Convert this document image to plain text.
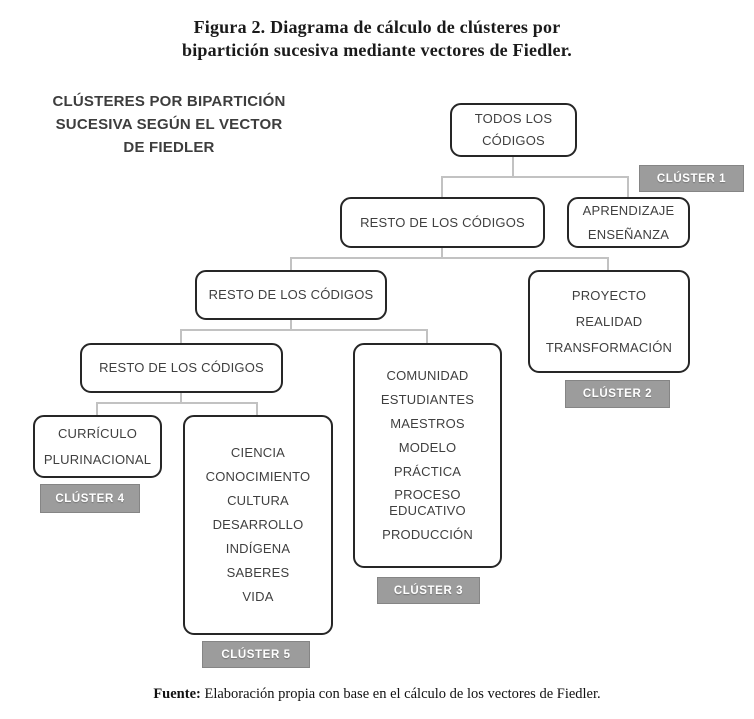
Figura 2. Diagrama de cálculo de clústeres por
bipartición sucesiva mediante vectores de Fiedler.
CLÚSTERES POR BIPARTICIÓN
SUCESIVA SEGÚN EL VECTOR
DE FIEDLER
TODOS LOS
CÓDIGOS
RESTO DE LOS CÓDIGOS
APRENDIZAJE
ENSEÑANZA
RESTO DE LOS CÓDIGOS	PROYECTO
REALIDAD
TRANSFORMACIÓN
RESTO DE LOS CÓDIGOS
COMUNIDAD
ESTUDIANTES
MAESTROS
MODELO
PRÁCTICA
PROCESO
EDUCATIVO
PRODUCCIÓN
CURRÍCULO
PLURINACIONAL	CIENCIA
CONOCIMIENTO
CULTURA
DESARROLLO
INDÍGENA
SABERES
VIDA
CLÚSTER 1
CLÚSTER 2
CLÚSTER 3
CLÚSTER 4
CLÚSTER 5
Fuente: Elaboración propia con base en el cálculo de los vectores de Fiedler.
